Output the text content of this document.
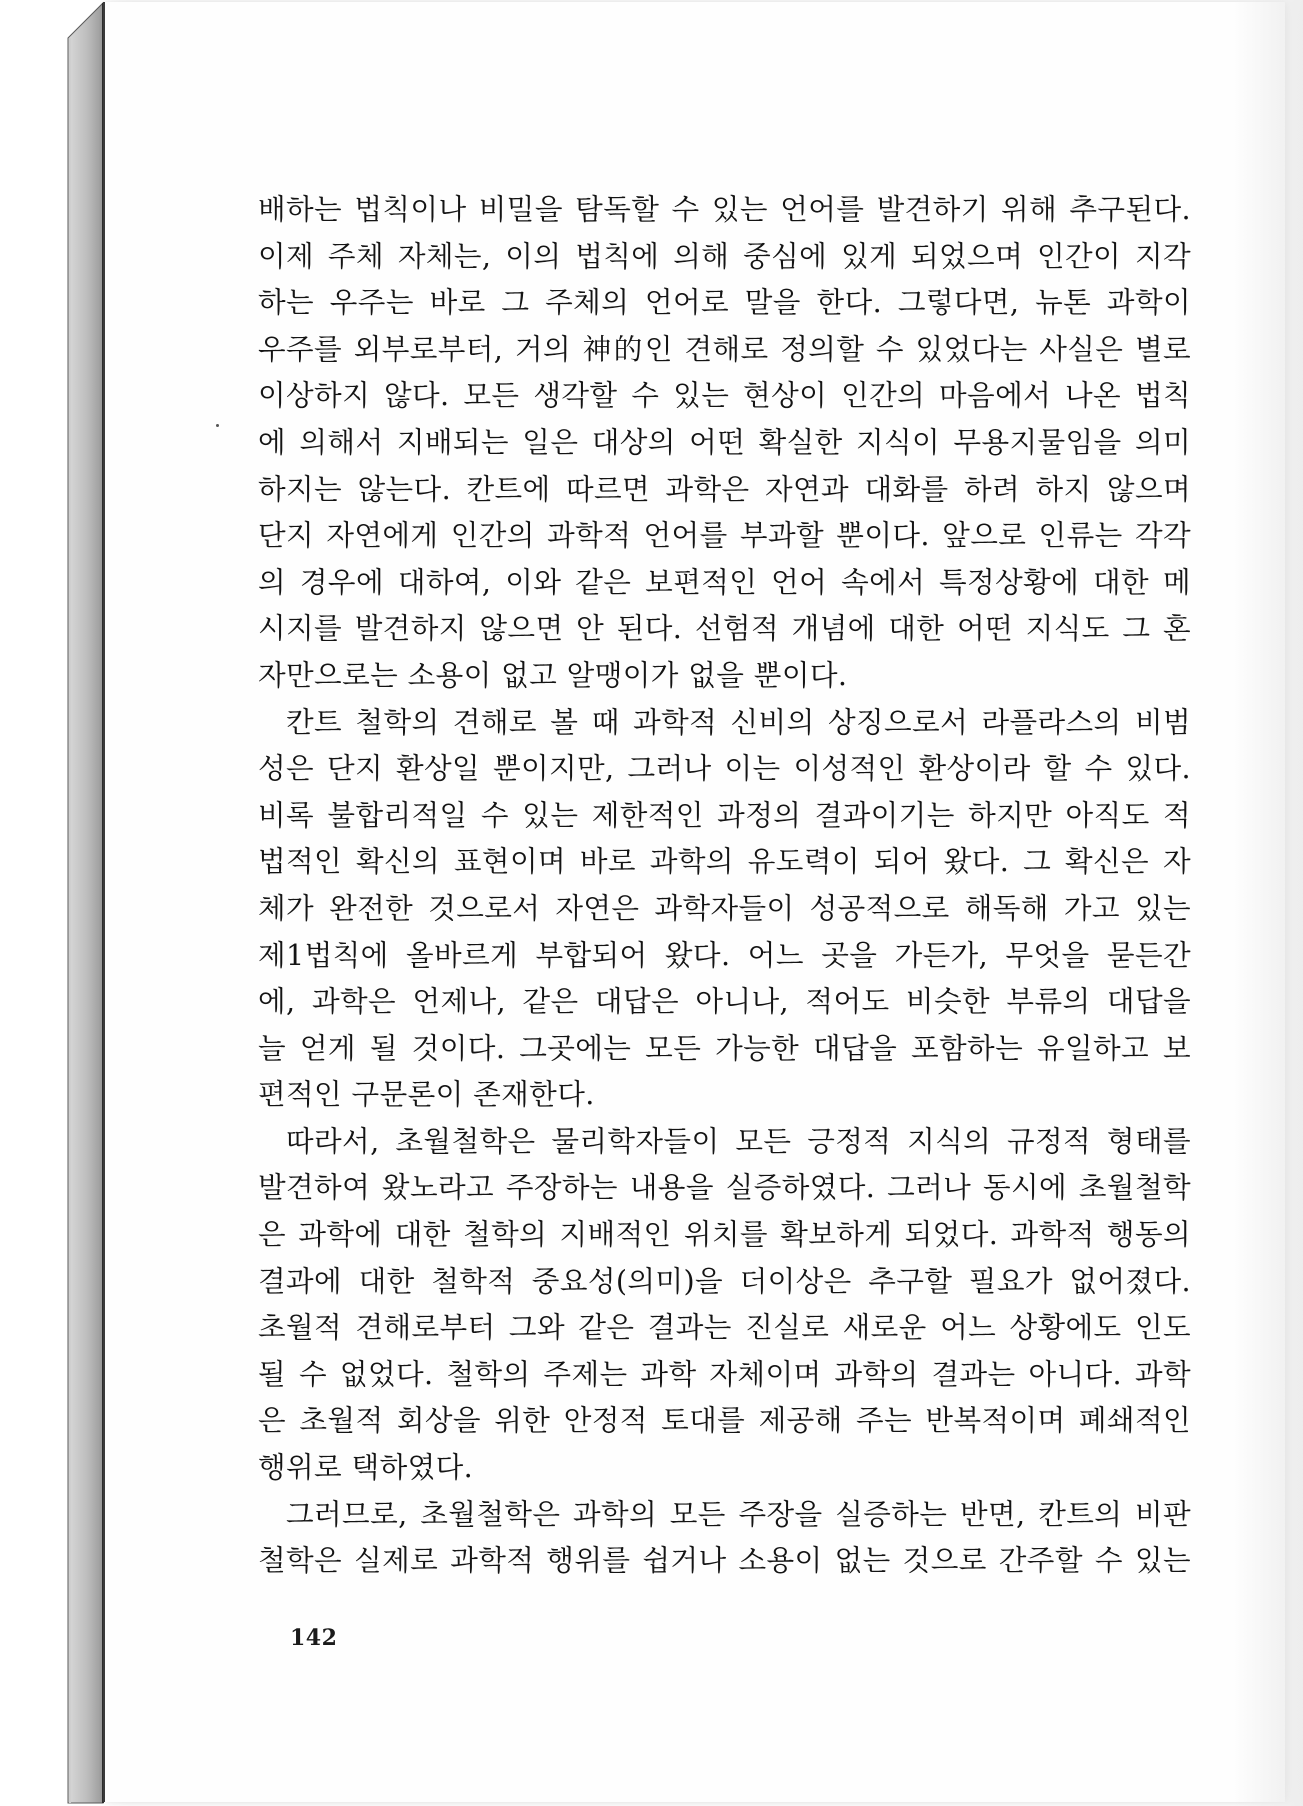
배하는 법칙이나 비밀을 탐독할 수 있는 언어를 발견하기 위해 추구된다.
이제 주체 자체는, 이의 법칙에 의해 중심에 있게 되었으며 인간이 지각
하는 우주는 바로 그 주체의 언어로 말을 한다. 그렇다면, 뉴톤 과학이
우주를 외부로부터, 거의 神的인 견해로 정의할 수 있었다는 사실은 별로
이상하지 않다. 모든 생각할 수 있는 현상이 인간의 마음에서 나온 법칙
에 의해서 지배되는 일은 대상의 어떤 확실한 지식이 무용지물임을 의미
하지는 않는다. 칸트에 따르면 과학은 자연과 대화를 하려 하지 않으며
단지 자연에게 인간의 과학적 언어를 부과할 뿐이다. 앞으로 인류는 각각
의 경우에 대하여, 이와 같은 보편적인 언어 속에서 특정상황에 대한 메
시지를 발견하지 않으면 안 된다. 선험적 개념에 대한 어떤 지식도 그 혼
자만으로는 소용이 없고 알맹이가 없을 뿐이다.
칸트 철학의 견해로 볼 때 과학적 신비의 상징으로서 라플라스의 비범
성은 단지 환상일 뿐이지만, 그러나 이는 이성적인 환상이라 할 수 있다.
비록 불합리적일 수 있는 제한적인 과정의 결과이기는 하지만 아직도 적
법적인 확신의 표현이며 바로 과학의 유도력이 되어 왔다. 그 확신은 자
체가 완전한 것으로서 자연은 과학자들이 성공적으로 해독해 가고 있는
제1법칙에 올바르게 부합되어 왔다. 어느 곳을 가든가, 무엇을 묻든간
에, 과학은 언제나, 같은 대답은 아니나, 적어도 비슷한 부류의 대답을
늘 얻게 될 것이다. 그곳에는 모든 가능한 대답을 포함하는 유일하고 보
편적인 구문론이 존재한다.
따라서, 초월철학은 물리학자들이 모든 긍정적 지식의 규정적 형태를
발견하여 왔노라고 주장하는 내용을 실증하였다. 그러나 동시에 초월철학
은 과학에 대한 철학의 지배적인 위치를 확보하게 되었다. 과학적 행동의
결과에 대한 철학적 중요성(의미)을 더이상은 추구할 필요가 없어졌다.
초월적 견해로부터 그와 같은 결과는 진실로 새로운 어느 상황에도 인도
될 수 없었다. 철학의 주제는 과학 자체이며 과학의 결과는 아니다. 과학
은 초월적 회상을 위한 안정적 토대를 제공해 주는 반복적이며 폐쇄적인
행위로 택하였다.
그러므로, 초월철학은 과학의 모든 주장을 실증하는 반면, 칸트의 비판
철학은 실제로 과학적 행위를 쉽거나 소용이 없는 것으로 간주할 수 있는
142
